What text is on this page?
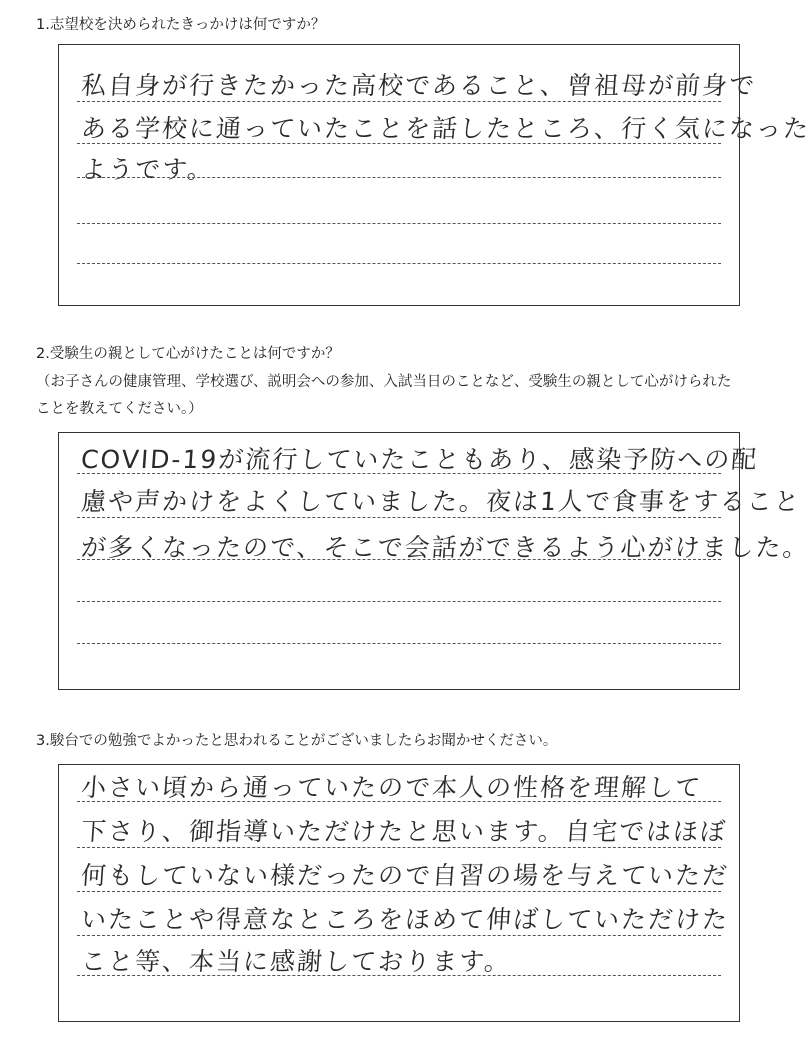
1.志望校を決められたきっかけは何ですか？
私自身が行きたかった高校であること、曾祖母が前身で
ある学校に通っていたことを話したところ、行く気になった
ようです。
2.受験生の親として心がけたことは何ですか？
（お子さんの健康管理、学校選び、説明会への参加、入試当日のことなど、受験生の親として心がけられた
ことを教えてください。）
COVID-19が流行していたこともあり、感染予防への配
慮や声かけをよくしていました。夜は1人で食事をすること
が多くなったので、そこで会話ができるよう心がけました。
3.駿台での勉強でよかったと思われることがございましたらお聞かせください。
小さい頃から通っていたので本人の性格を理解して
下さり、御指導いただけたと思います。自宅ではほぼ
何もしていない様だったので自習の場を与えていただ
いたことや得意なところをほめて伸ばしていただけた
こと等、本当に感謝しております。
